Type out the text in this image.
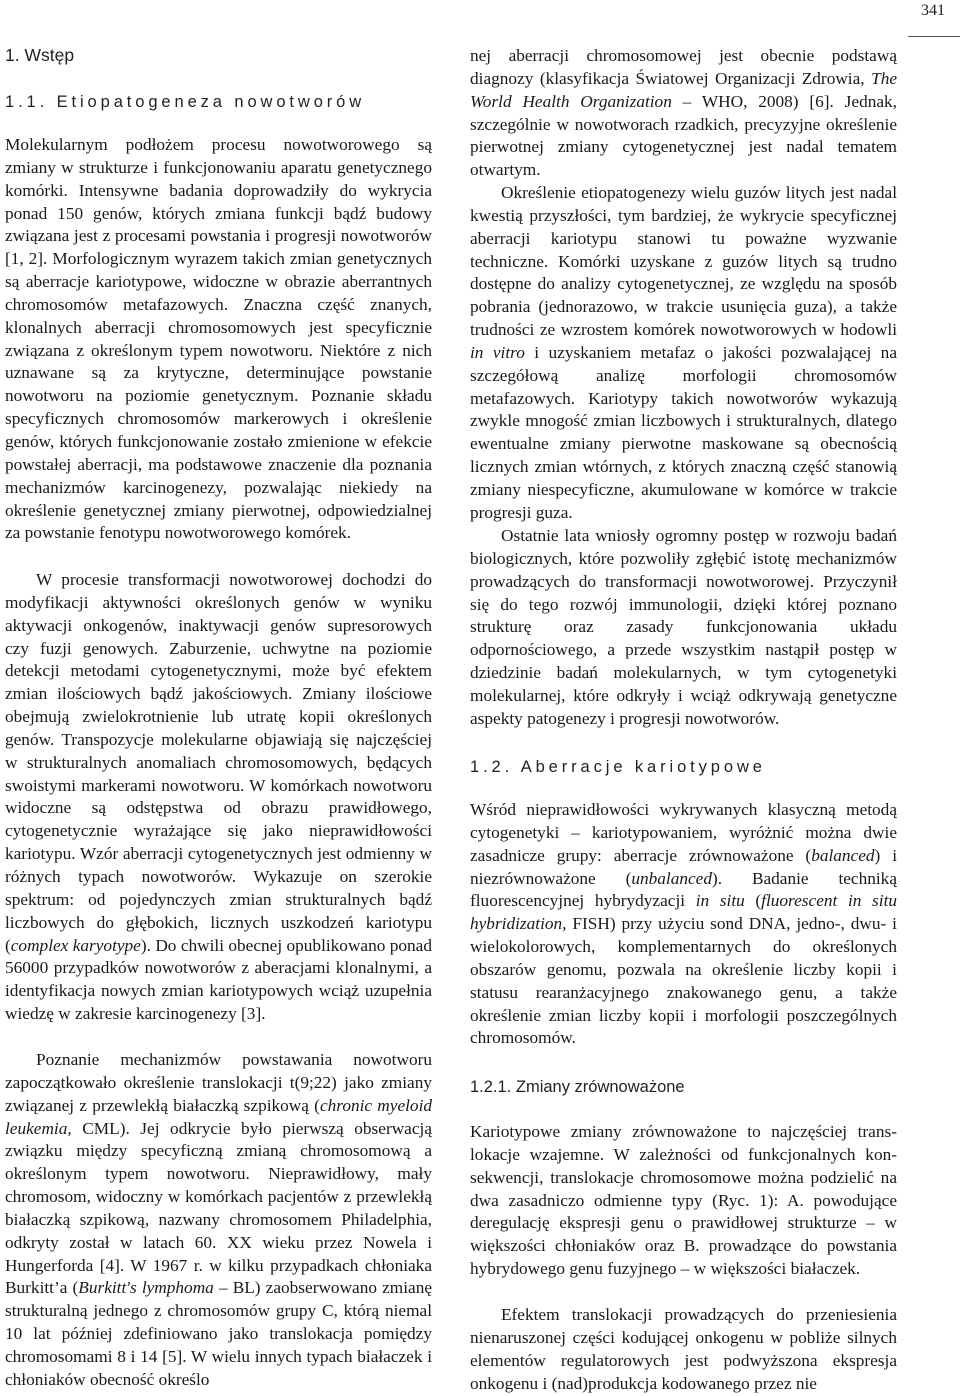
341
1. Wstęp

1.1. Etiopatogeneza nowotworów

Molekularnym podłożem procesu nowotworowego są zmiany w strukturze i funkcjonowaniu aparatu genetycznego komórki. Intensywne badania doprowadziły do wykrycia ponad 150 genów, których zmiana funkcji bądź budowy związana jest z procesami powstania i progresji nowotworów [1, 2]. Morfologicznym wyrazem takich zmian genetycznych są aberracje kariotypowe, widoczne w obrazie aberrantnych chromosomów metafazowych. Znaczna część znanych, klonalnych aberracji chromosomowych jest specyficznie związana z określonym typem nowotworu. Niektóre z nich uznawane są za krytyczne, determinujące powstanie nowotworu na poziomie genetycznym. Poznanie składu specyficznych chromosomów markerowych i określenie genów, których funkcjonowanie zostało zmienione w efekcie powstałej aberracji, ma podstawowe znaczenie dla poznania mechanizmów karcinogenezy, pozwalając niekiedy na określenie genetycznej zmiany pierwotnej, odpowiedzialnej za powstanie fenotypu nowotworowego komórek.

W procesie transformacji nowotworowej dochodzi do modyfikacji aktywności określonych genów w wyniku aktywacji onkogenów, inaktywacji genów supresorowych czy fuzji genowych. Zaburzenie, uchwytne na poziomie detekcji metodami cytogenetycznymi, może być efektem zmian ilościowych bądź jakościowych. Zmiany ilościowe obejmują zwielokrotnienie lub utratę kopii określonych genów. Transpozycje molekularne objawiają się najczęściej w strukturalnych anomaliach chromosomowych, będących swoistymi markerami nowotworu. W komórkach nowotworu widoczne są odstępstwa od obrazu prawidłowego, cytogenetycznie wyrażające się jako nieprawidłowości kariotypu. Wzór aberracji cytogenetycznych jest odmienny w różnych typach nowotworów. Wykazuje on szerokie spektrum: od pojedynczych zmian strukturalnych bądź liczbowych do głębokich, licznych uszkodzeń kariotypu (complex karyotype). Do chwili obecnej opublikowano ponad 56000 przypadków nowotworów z aberacjami klonalnymi, a identyfikacja nowych zmian kariotypowych wciąż uzupełnia wiedzę w zakresie karcinogenezy [3].

Poznanie mechanizmów powstawania nowotworu zapoczątkowało określenie translokacji t(9;22) jako zmiany związanej z przewlekłą białaczką szpikową (chronic myeloid leukemia, CML). Jej odkrycie było pierwszą obserwacją związku między specyficzną zmianą chromosomową a określonym typem nowotworu. Nieprawidłowy, mały chromosom, widoczny w komórkach pacjentów z przewlekłą białaczką szpikową, nazwany chromosomem Philadelphia, odkryty został w latach 60. XX wieku przez Nowela i Hungerforda [4]. W 1967 r. w kilku przypadkach chłoniaka Burkitt’a (Burkitt's lymphoma – BL) zaobserwowano zmianę strukturalną jednego z chromosomów grupy C, którą niemal 10 lat później zdefiniowano jako translokacja pomiędzy chromosomami 8 i 14 [5]. W wielu innych typach białaczek i chłoniaków obecność określo

nej aberracji chromosomowej jest obecnie podstawą diagnozy (klasyfikacja Światowej Organizacji Zdrowia, The World Health Organization – WHO, 2008) [6]. Jednak, szczególnie w nowotworach rzadkich, precyzyjne określenie pierwotnej zmiany cytogenetycznej jest nadal tematem otwartym.

Określenie etiopatogenezy wielu guzów litych jest nadal kwestią przyszłości, tym bardziej, że wykrycie specyficznej aberracji kariotypu stanowi tu poważne wyzwanie techniczne. Komórki uzyskane z guzów litych są trudno dostępne do analizy cytogenetycznej, ze względu na sposób pobrania (jednorazowo, w trakcie usunięcia guza), a także trudności ze wzrostem komórek nowotworowych w hodowli in vitro i uzyskaniem metafaz o jakości pozwalającej na szczegółową analizę morfologii chromosomów metafazowych. Kariotypy takich nowotworów wykazują zwykle mnogość zmian liczbowych i strukturalnych, dlatego ewentualne zmiany pierwotne maskowane są obecnością licznych zmian wtórnych, z których znaczną część stanowią zmiany niespecyficzne, akumulowane w komórce w trakcie progresji guza.

Ostatnie lata wniosły ogromny postęp w rozwoju badań biologicznych, które pozwoliły zgłębić istotę mechanizmów prowadzących do transformacji nowotworowej. Przyczynił się do tego rozwój immunologii, dzięki której poznano strukturę oraz zasady funkcjonowania układu odpornościowego, a przede wszystkim nastąpił postęp w dziedzinie badań molekularnych, w tym cytogenetyki molekularnej, które odkryły i wciąż odkrywają genetyczne aspekty patogenezy i progresji nowotworów.

1.2. Aberracje kariotypowe

Wśród nieprawidłowości wykrywanych klasyczną metodą cytogenetyki – kariotypowaniem, wyróżnić można dwie zasadnicze grupy: aberracje zrównoważone (balanced) i niezrównoważone (unbalanced). Badanie techniką fluorescencyjnej hybrydyzacji in situ (fluorescent in situ hybridization, FISH) przy użyciu sond DNA, jedno-, dwu- i wielokolorowych, komplementarnych do określonych obszarów genomu, pozwala na określenie liczby kopii i statusu rearanżacyjnego znakowanego genu, a także określenie zmian liczby kopii i morfologii poszczególnych chromosomów.

1.2.1. Zmiany zrównoważone

Kariotypowe zmiany zrównoważone to najczęściej translokacje wzajemne. W zależności od funkcjonalnych konsekwencji, translokacje chromosomowe można podzielić na dwa zasadniczo odmienne typy (Ryc. 1): A. powodujące deregulację ekspresji genu o prawidłowej strukturze – w większości chłoniaków oraz B. prowadzące do powstania hybrydowego genu fuzyjnego – w większości białaczek.

Efektem translokacji prowadzących do przeniesienia nienaruszonej części kodującej onkogenu w pobliże silnych elementów regulatorowych jest podwyższona ekspresja onkogenu i (nad)produkcja kodowanego przez nie
